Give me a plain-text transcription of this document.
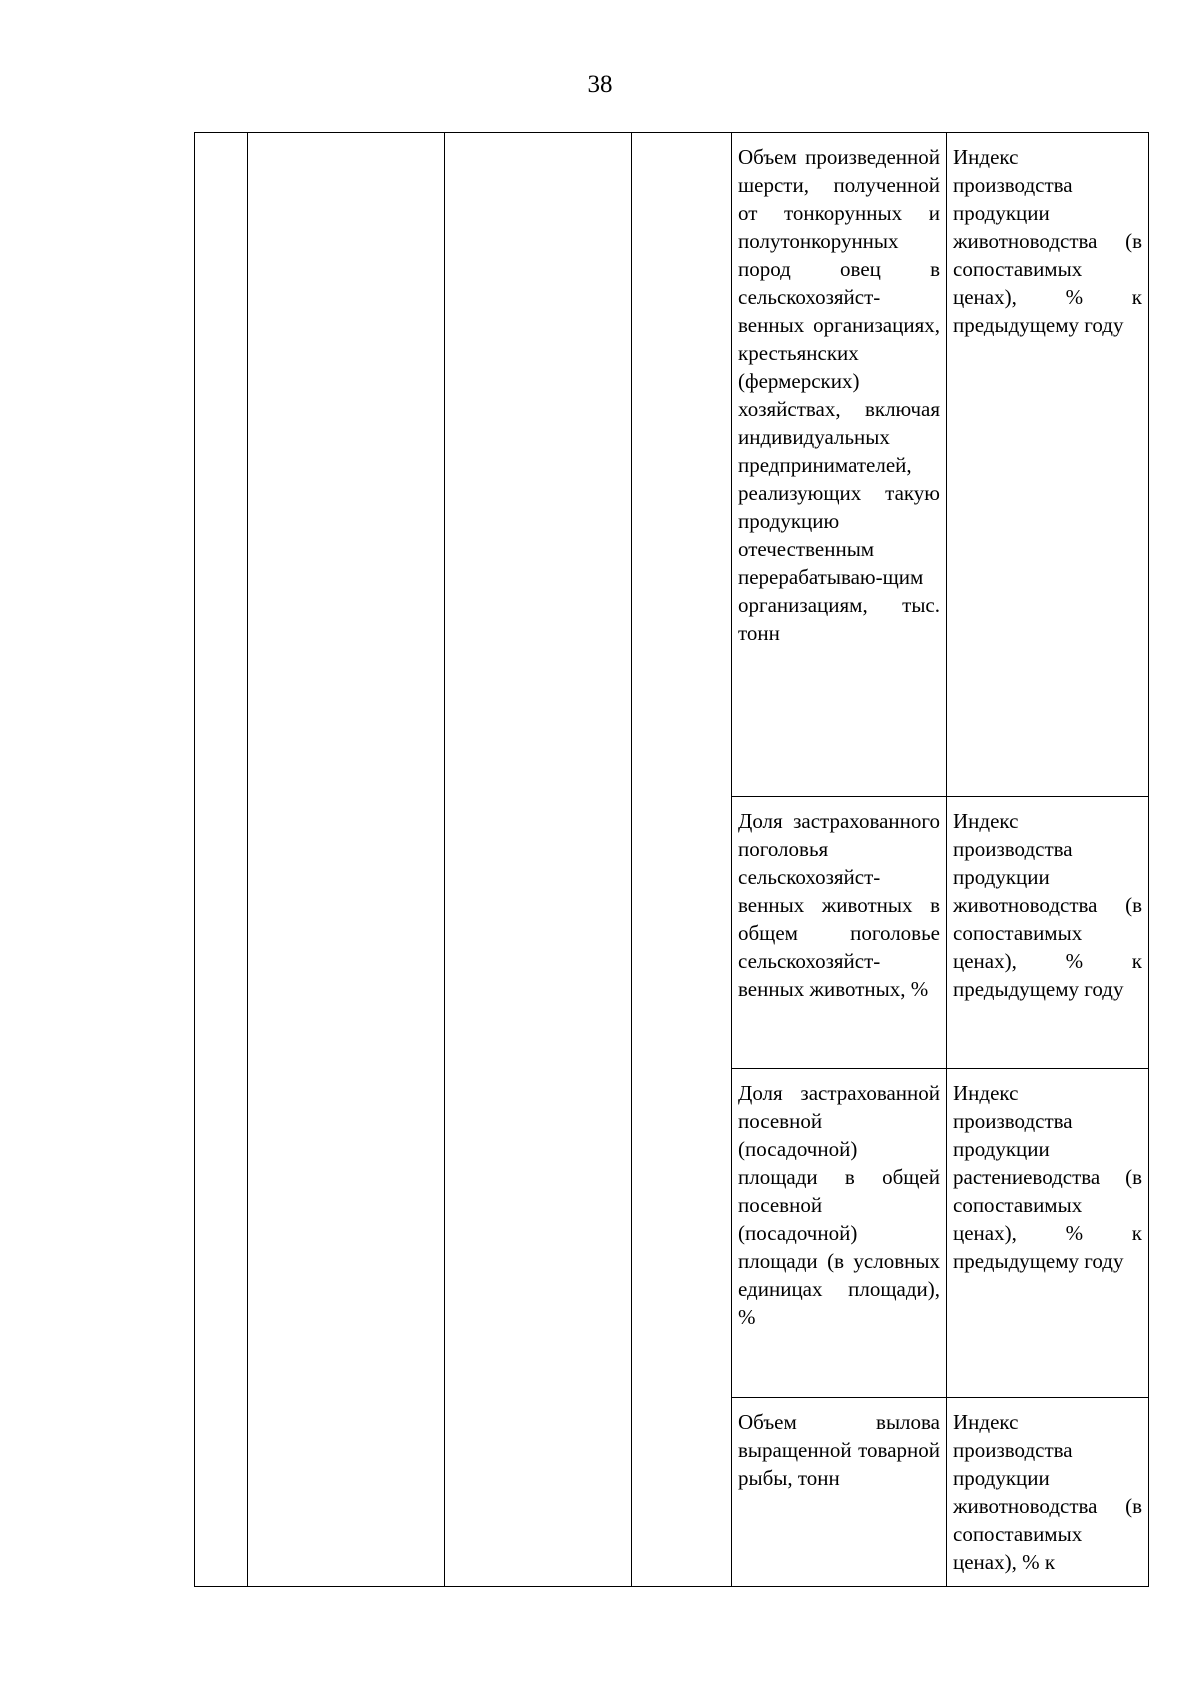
38
				Объем произведенной шерсти, полученной от тонкорунных и полутонкорунных пород овец в сельскохозяйст-венных организациях, крестьянских (фермерских) хозяйствах, включая индивидуальных предпринимателей, реализующих такую продукцию отечественным перерабатываю-щим организациям, тыс. тонн	Индекс производства продукции животноводства (в сопоставимых ценах), % к предыдущему году
				Доля застрахованного поголовья сельскохозяйст-венных животных в общем поголовье сельскохозяйст-венных животных, %	Индекс производства продукции животноводства (в сопоставимых ценах), % к предыдущему году
				Доля застрахованной посевной (посадочной) площади в общей посевной (посадочной) площади (в условных единицах площади), %	Индекс производства продукции растениеводства (в сопоставимых ценах), % к предыдущему году
				Объем вылова выращенной товарной рыбы, тонн	Индекс производства продукции животноводства (в сопоставимых ценах), % к
